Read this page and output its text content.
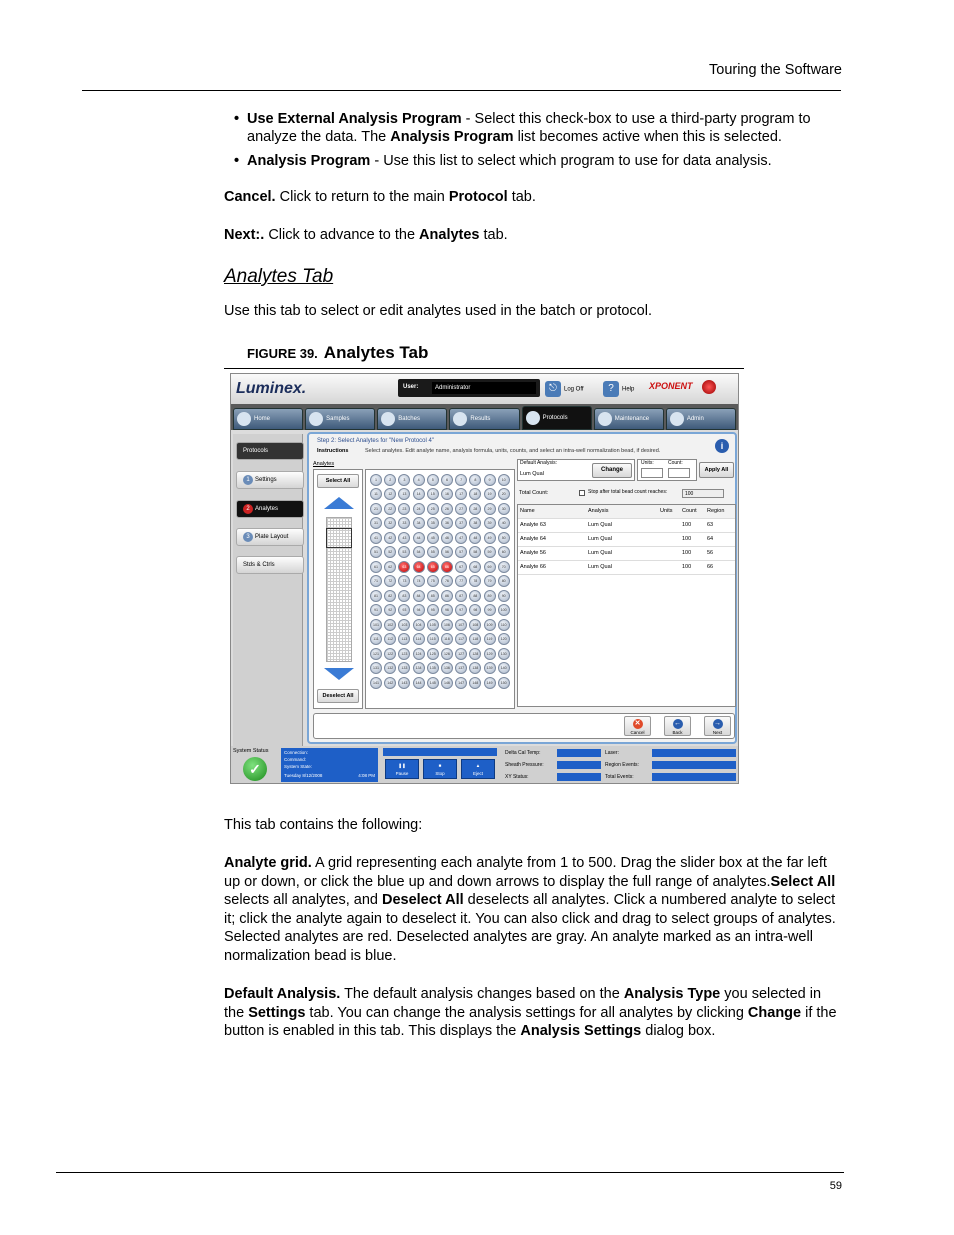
Touring the Software
• Use External Analysis Program - Select this check-box to use a third-party program to analyze the data. The Analysis Program list becomes active when this is selected.
• Analysis Program - Use this list to select which program to use for data analysis.
Cancel. Click to return to the main Protocol tab.
Next:. Click to advance to the Analytes tab.
Analytes Tab
Use this tab to select or edit analytes used in the batch or protocol.
FIGURE 39. Analytes Tab
Luminex.	User:	Administrator	⎋ Log Off	? Help XPONENT
Home	Samples	Batches	Results	Protocols	Maintenance	Admin
Protocols
1 Settings
2 Analytes
3 Plate Layout
Stds & Ctrls
Step 2: Select Analytes for "New Protocol 4"
Instructions	Select analytes. Edit analyte name, analysis formula, units, counts, and select an intra-well normalization bead, if desired.	i
Analytes
Select All
Deselect All
1	2	3	4	5	6	7	8	9	10
11	12	13	14	15	16	17	18	19	20
21	22	23	24	25	26	27	28	29	30
31	32	33	34	35	36	37	38	39	40
41	42	43	44	45	46	47	48	49	50
51	52	53	54	55	56	57	58	59	60
61	62	63	64	65	66	67	68	69	70
71	72	73	74	75	76	77	78	79	80
81	82	83	84	85	86	87	88	89	90
91	92	93	94	95	96	97	98	99	100
101	102	103	104	105	106	107	108	109	110
111	112	113	114	115	116	117	118	119	120
121	122	123	124	125	126	127	128	129	130
131	132	133	134	135	136	137	138	139	140
141	142	143	144	145	146	147	148	149	150
Default Analysis:
Lum Qual
Change
Units:	Count:
Apply All
Total Count:	Stop after total bead count reaches:	100
Name	Analysis	Units Count Region
Analyte 63	Lum Qual	100	63
Analyte 64	Lum Qual	100	64
Analyte 56	Lum Qual	100	56
Analyte 66	Lum Qual	100	66
✕
Cancel
←
Back
→
Next
System Status
✓
Connection:
Command:
System State:
Tuesday 8/12/2008	4:08 PM
❚❚
Pause
■
Stop
▲
Eject
Delta Cal Temp:
Sheath Pressure:
XY Status:
Laser:
Region Events:
Total Events:
This tab contains the following:
Analyte grid. A grid representing each analyte from 1 to 500. Drag the slider box at the far left up or down, or click the blue up and down arrows to display the full range of analytes.Select All selects all analytes, and Deselect All deselects all analytes. Click a numbered analyte to select it; click the analyte again to deselect it. You can also click and drag to select groups of analytes. Selected analytes are red. Deselected analytes are gray. An analyte marked as an intra-well normalization bead is blue.
Default Analysis. The default analysis changes based on the Analysis Type you selected in the Settings tab. You can change the analysis settings for all analytes by clicking Change if the button is enabled in this tab. This displays the Analysis Settings dialog box.
59
